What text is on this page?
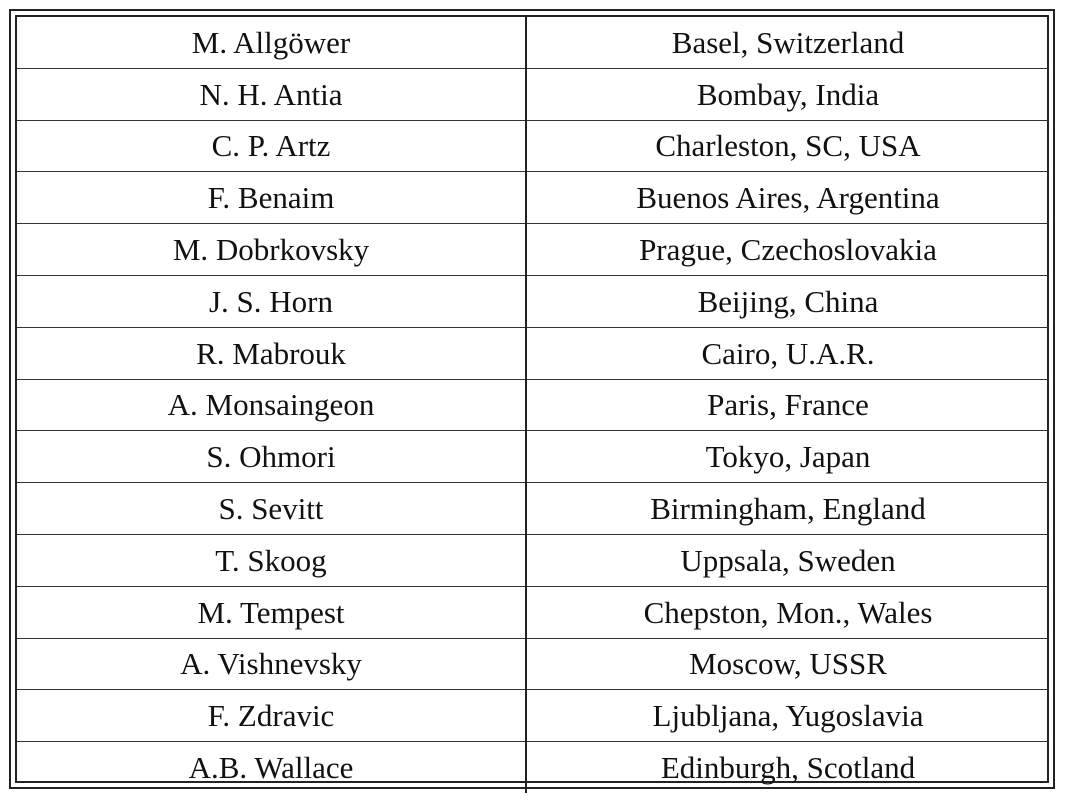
M. Allgöwer	Basel, Switzerland
N. H. Antia	Bombay, India
C. P. Artz	Charleston, SC, USA
F. Benaim	Buenos Aires, Argentina
M. Dobrkovsky	Prague, Czechoslovakia
J. S. Horn	Beijing, China
R. Mabrouk	Cairo, U.A.R.
A. Monsaingeon	Paris, France
S. Ohmori	Tokyo, Japan
S. Sevitt	Birmingham, England
T. Skoog	Uppsala, Sweden
M. Tempest	Chepston, Mon., Wales
A. Vishnevsky	Moscow, USSR
F. Zdravic	Ljubljana, Yugoslavia
A.B. Wallace	Edinburgh, Scotland
